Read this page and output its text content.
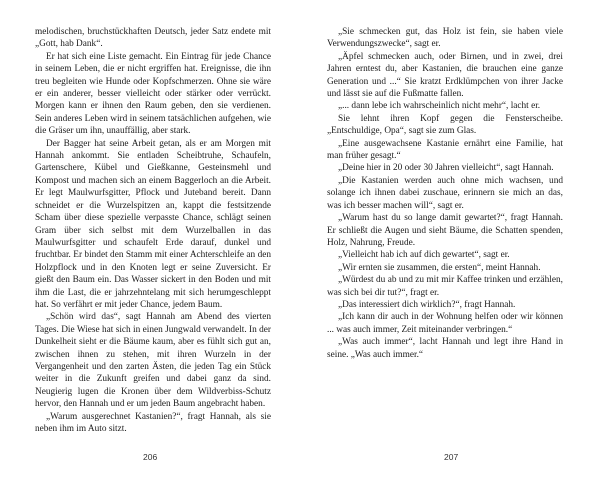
melodischen, bruchstückhaften Deutsch, jeder Satz endete mit „Gott, hab Dank“.

Er hat sich eine Liste gemacht. Ein Eintrag für jede Chance in seinem Leben, die er nicht ergriffen hat. Ereignisse, die ihn treu begleiten wie Hunde oder Kopfschmerzen. Ohne sie wäre er ein anderer, besser vielleicht oder stärker oder verrückt. Morgen kann er ihnen den Raum geben, den sie verdienen. Sein anderes Leben wird in seinem tatsächlichen aufgehen, wie die Gräser um ihn, unauffällig, aber stark.

Der Bagger hat seine Arbeit getan, als er am Morgen mit Hannah ankommt. Sie entladen Scheibtruhe, Schaufeln, Gartenschere, Kübel und Gießkanne, Gesteinsmehl und Kompost und machen sich an einem Baggerloch an die Arbeit. Er legt Maulwurfsgitter, Pflock und Juteband bereit. Dann schneidet er die Wurzelspitzen an, kappt die festsitzende Scham über diese spezielle verpasste Chance, schlägt seinen Gram über sich selbst mit dem Wurzelballen in das Maulwurfsgitter und schaufelt Erde darauf, dunkel und fruchtbar. Er bindet den Stamm mit einer Achterschleife an den Holzpflock und in den Knoten legt er seine Zuversicht. Er gießt den Baum ein. Das Wasser sickert in den Boden und mit ihm die Last, die er jahrzehntelang mit sich herumgeschleppt hat. So verfährt er mit jeder Chance, jedem Baum.

„Schön wird das“, sagt Hannah am Abend des vierten Tages. Die Wiese hat sich in einen Jungwald verwandelt. In der Dunkelheit sieht er die Bäume kaum, aber es fühlt sich gut an, zwischen ihnen zu stehen, mit ihren Wurzeln in der Vergangenheit und den zarten Ästen, die jeden Tag ein Stück weiter in die Zukunft greifen und dabei ganz da sind. Neugierig lugen die Kronen über dem Wildverbiss-Schutz hervor, den Hannah und er um jeden Baum angebracht haben.

„Warum ausgerechnet Kastanien?“, fragt Hannah, als sie neben ihm im Auto sitzt.

206

„Sie schmecken gut, das Holz ist fein, sie haben viele Verwendungszwecke“, sagt er.

„Äpfel schmecken auch, oder Birnen, und in zwei, drei Jahren erntest du, aber Kastanien, die brauchen eine ganze Generation und ...“ Sie kratzt Erdklümpchen von ihrer Jacke und lässt sie auf die Fußmatte fallen.

„... dann lebe ich wahrscheinlich nicht mehr“, lacht er.

Sie lehnt ihren Kopf gegen die Fensterscheibe. „Entschuldige, Opa“, sagt sie zum Glas.

„Eine ausgewachsene Kastanie ernährt eine Familie, hat man früher gesagt.“

„Deine hier in 20 oder 30 Jahren vielleicht“, sagt Hannah.

„Die Kastanien werden auch ohne mich wachsen, und solange ich ihnen dabei zuschaue, erinnern sie mich an das, was ich besser machen will“, sagt er.

„Warum hast du so lange damit gewartet?“, fragt Hannah. Er schließt die Augen und sieht Bäume, die Schatten spenden, Holz, Nahrung, Freude.

„Vielleicht hab ich auf dich gewartet“, sagt er.

„Wir ernten sie zusammen, die ersten“, meint Hannah.

„Würdest du ab und zu mit mir Kaffee trinken und erzählen, was sich bei dir tut?“, fragt er.

„Das interessiert dich wirklich?“, fragt Hannah.

„Ich kann dir auch in der Wohnung helfen oder wir können ... was auch immer, Zeit miteinander verbringen.“

„Was auch immer“, lacht Hannah und legt ihre Hand in seine. „Was auch immer.“

207
